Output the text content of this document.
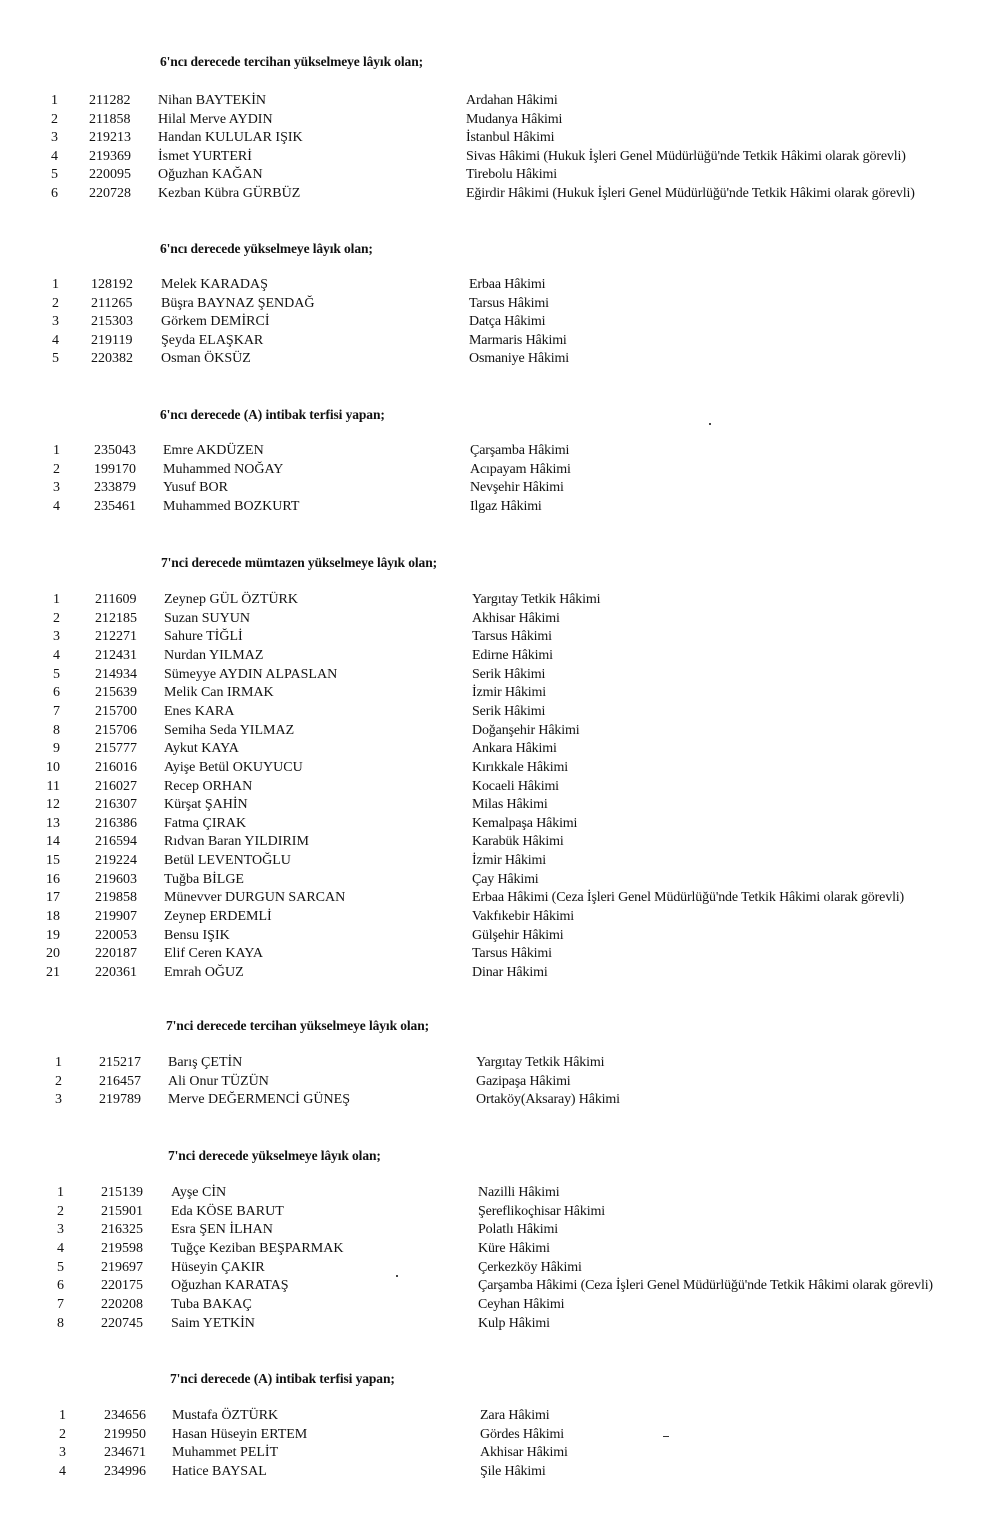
6'ncı derecede tercihan yükselmeye lâyık olan;
1 211282 Nihan BAYTEKİN	Ardahan Hâkimi
2 211858 Hilal Merve AYDIN	Mudanya Hâkimi
3 219213 Handan KULULAR IŞIK	İstanbul Hâkimi
4 219369 İsmet YURTERİ	Sivas Hâkimi (Hukuk İşleri Genel Müdürlüğü'nde Tetkik Hâkimi olarak görevli)
5 220095 Oğuzhan KAĞAN	Tirebolu Hâkimi
6 220728 Kezban Kübra GÜRBÜZ	Eğirdir Hâkimi (Hukuk İşleri Genel Müdürlüğü'nde Tetkik Hâkimi olarak görevli)
6'ncı derecede yükselmeye lâyık olan;
1 128192 Melek KARADAŞ	Erbaa Hâkimi
2 211265 Büşra BAYNAZ ŞENDAĞ	Tarsus Hâkimi
3 215303 Görkem DEMİRCİ	Datça Hâkimi
4 219119 Şeyda ELAŞKAR	Marmaris Hâkimi
5 220382 Osman ÖKSÜZ	Osmaniye Hâkimi
6'ncı derecede (A) intibak terfisi yapan;
1 235043 Emre AKDÜZEN	Çarşamba Hâkimi
2 199170 Muhammed NOĞAY	Acıpayam Hâkimi
3 233879 Yusuf BOR	Nevşehir Hâkimi
4 235461 Muhammed BOZKURT	Ilgaz Hâkimi
7'nci derecede mümtazen yükselmeye lâyık olan;
1	211609 Zeynep GÜL ÖZTÜRK	Yargıtay Tetkik Hâkimi
2	212185 Suzan SUYUN	Akhisar Hâkimi
3	212271 Sahure TİĞLİ	Tarsus Hâkimi
4	212431 Nurdan YILMAZ	Edirne Hâkimi
5	214934 Sümeyye AYDIN ALPASLAN	Serik Hâkimi
6	215639 Melik Can IRMAK	İzmir Hâkimi
7	215700 Enes KARA	Serik Hâkimi
8	215706 Semiha Seda YILMAZ	Doğanşehir Hâkimi
9	215777 Aykut KAYA	Ankara Hâkimi
10	216016 Ayişe Betül OKUYUCU	Kırıkkale Hâkimi
11	216027 Recep ORHAN	Kocaeli Hâkimi
12	216307 Kürşat ŞAHİN	Milas Hâkimi
13	216386 Fatma ÇIRAK	Kemalpaşa Hâkimi
14	216594 Rıdvan Baran YILDIRIM	Karabük Hâkimi
15	219224 Betül LEVENTOĞLU	İzmir Hâkimi
16	219603 Tuğba BİLGE	Çay Hâkimi
17	219858 Münevver DURGUN SARCAN	Erbaa Hâkimi (Ceza İşleri Genel Müdürlüğü'nde Tetkik Hâkimi olarak görevli)
18	219907 Zeynep ERDEMLİ	Vakfıkebir Hâkimi
19	220053 Bensu IŞIK	Gülşehir Hâkimi
20	220187 Elif Ceren KAYA	Tarsus Hâkimi
21	220361 Emrah OĞUZ	Dinar Hâkimi
7'nci derecede tercihan yükselmeye lâyık olan;
1	215217 Barış ÇETİN	Yargıtay Tetkik Hâkimi
2	216457 Ali Onur TÜZÜN	Gazipaşa Hâkimi
3	219789 Merve DEĞERMENCİ GÜNEŞ	Ortaköy(Aksaray) Hâkimi
7'nci derecede yükselmeye lâyık olan;
1	215139 Ayşe CİN	Nazilli Hâkimi
2	215901 Eda KÖSE BARUT	Şereflikoçhisar Hâkimi
3	216325 Esra ŞEN İLHAN	Polatlı Hâkimi
4	219598 Tuğçe Keziban BEŞPARMAK	Küre Hâkimi
5	219697 Hüseyin ÇAKIR	Çerkezköy Hâkimi
6	220175 Oğuzhan KARATAŞ	Çarşamba Hâkimi (Ceza İşleri Genel Müdürlüğü'nde Tetkik Hâkimi olarak görevli)
7	220208 Tuba BAKAÇ	Ceyhan Hâkimi
8	220745 Saim YETKİN	Kulp Hâkimi
7'nci derecede (A) intibak terfisi yapan;
1	234656 Mustafa ÖZTÜRK	Zara Hâkimi
2	219950 Hasan Hüseyin ERTEM	Gördes Hâkimi
3	234671 Muhammet PELİT	Akhisar Hâkimi
4	234996 Hatice BAYSAL	Şile Hâkimi
